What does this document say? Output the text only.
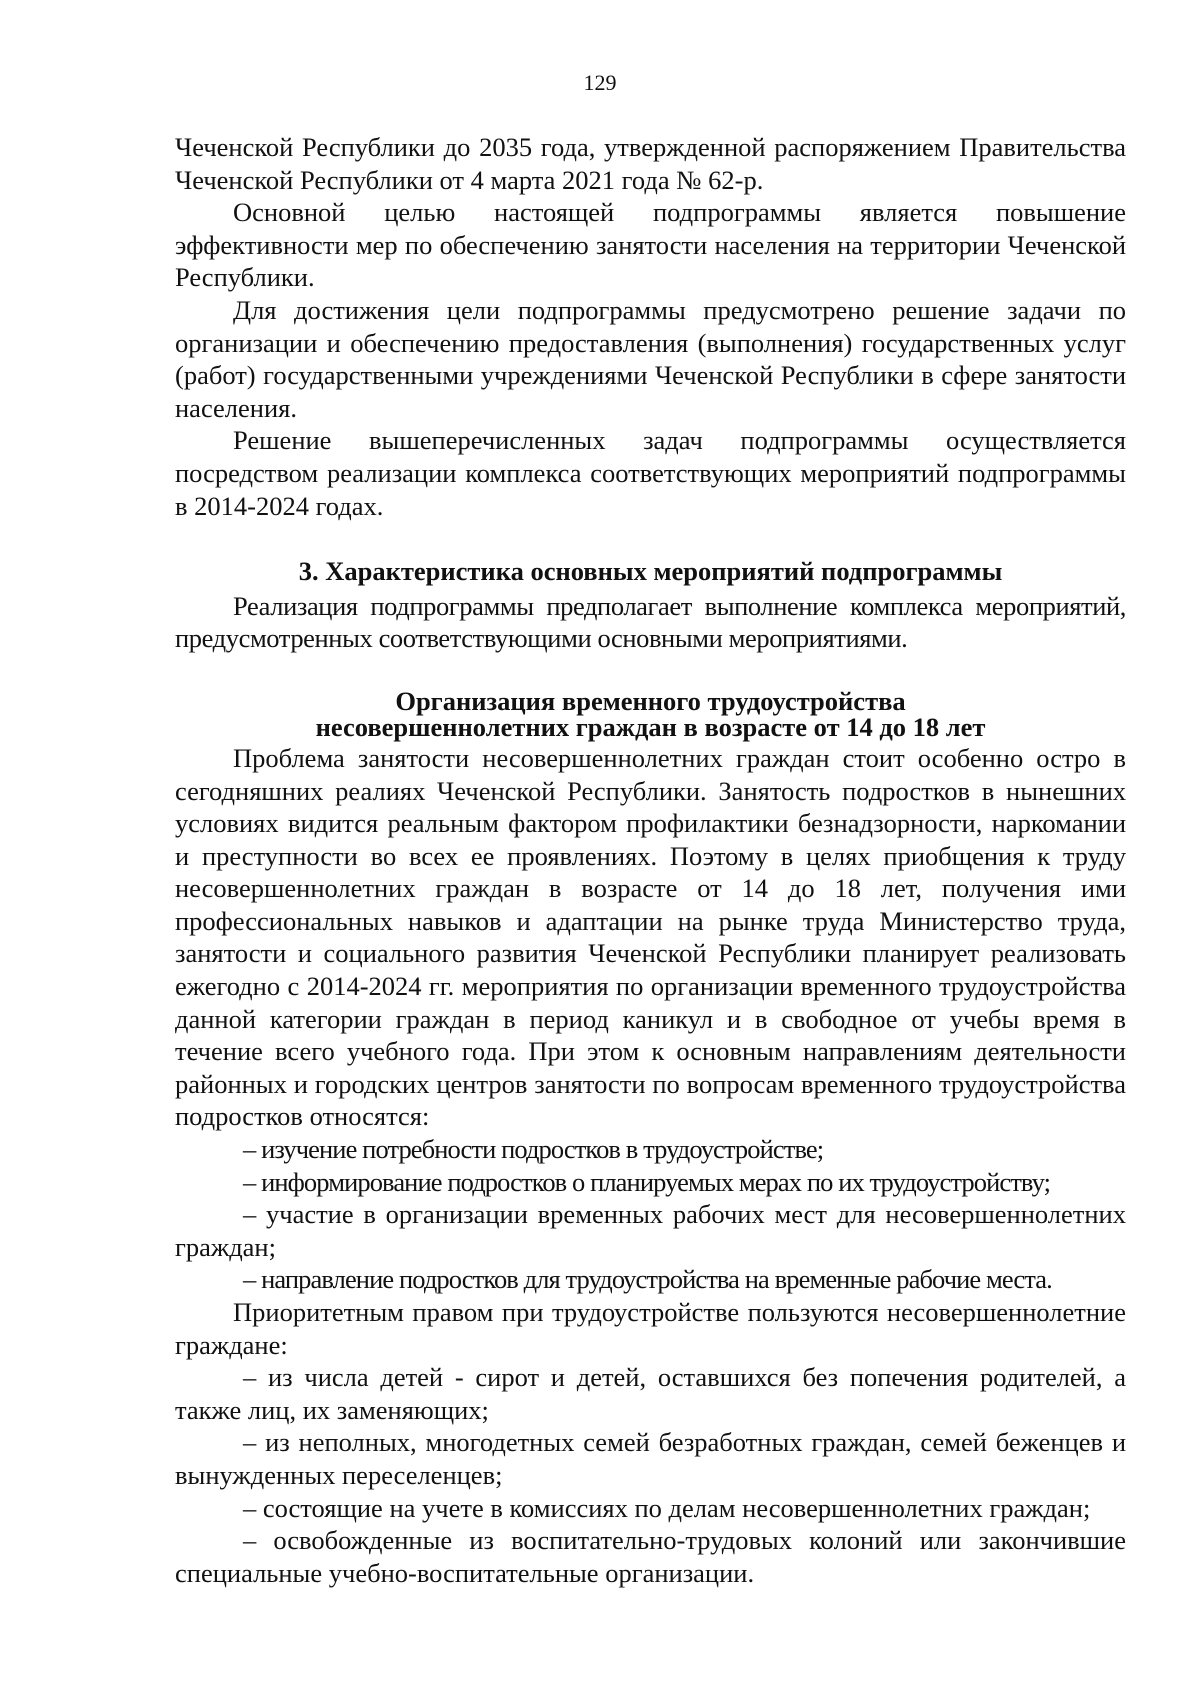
129

Чеченской Республики до 2035 года, утвержденной распоряжением Правительства Чеченской Республики от 4 марта 2021 года № 62-р.

Основной целью настоящей подпрограммы является повышение эффективности мер по обеспечению занятости населения на территории Чеченской Республики.

Для достижения цели подпрограммы предусмотрено решение задачи по организации и обеспечению предоставления (выполнения) государственных услуг (работ) государственными учреждениями Чеченской Республики в сфере занятости населения.

Решение вышеперечисленных задач подпрограммы осуществляется посредством реализации комплекса соответствующих мероприятий подпрограммы в 2014-2024 годах.

3. Характеристика основных мероприятий подпрограммы

Реализация подпрограммы предполагает выполнение комплекса мероприятий, предусмотренных соответствующими основными мероприятиями.

Организация временного трудоустройства
несовершеннолетних граждан в возрасте от 14 до 18 лет

Проблема занятости несовершеннолетних граждан стоит особенно остро в сегодняшних реалиях Чеченской Республики. Занятость подростков в нынешних условиях видится реальным фактором профилактики безнадзорности, наркомании и преступности во всех ее проявлениях. Поэтому в целях приобщения к труду несовершеннолетних граждан в возрасте от 14 до 18 лет, получения ими профессиональных навыков и адаптации на рынке труда Министерство труда, занятости и социального развития Чеченской Республики планирует реализовать ежегодно с 2014-2024 гг. мероприятия по организации временного трудоустройства данной категории граждан в период каникул и в свободное от учебы время в течение всего учебного года. При этом к основным направлениям деятельности районных и городских центров занятости по вопросам временного трудоустройства подростков относятся:

– изучение потребности подростков в трудоустройстве;

– информирование подростков о планируемых мерах по их трудоустройству;

– участие в организации временных рабочих мест для несовершеннолетних граждан;

– направление подростков для трудоустройства на временные рабочие места.

Приоритетным правом при трудоустройстве пользуются несовершеннолетние граждане:

– из числа детей - сирот и детей, оставшихся без попечения родителей, а также лиц, их заменяющих;

– из неполных, многодетных семей безработных граждан, семей беженцев и вынужденных переселенцев;

– состоящие на учете в комиссиях по делам несовершеннолетних граждан;

– освобожденные из воспитательно-трудовых колоний или закончившие специальные учебно-воспитательные организации.
